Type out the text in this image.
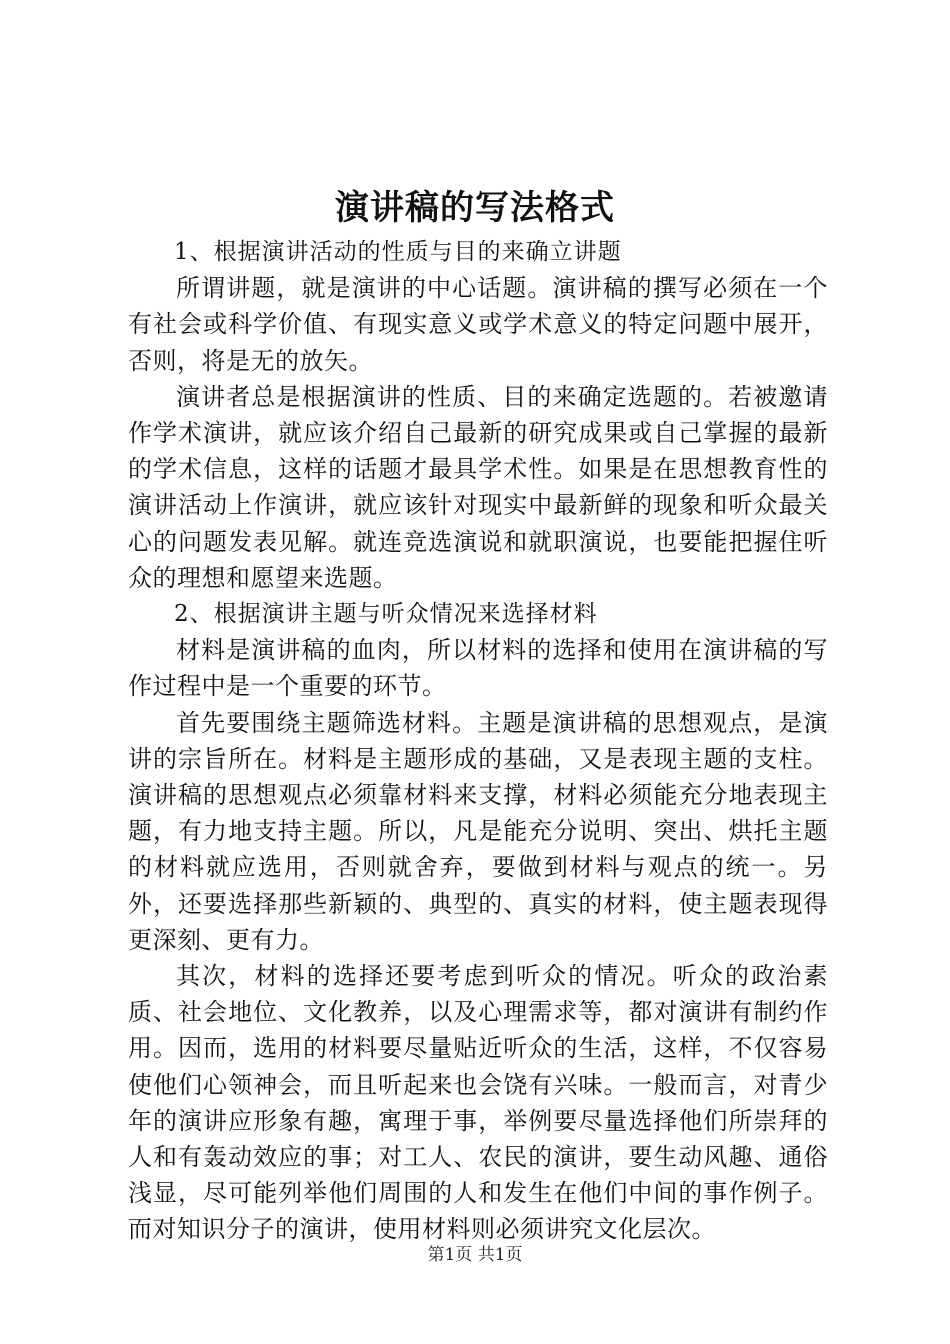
演讲稿的写法格式

1、根据演讲活动的性质与目的来确立讲题

所谓讲题，就是演讲的中心话题。演讲稿的撰写必须在一个有社会或科学价值、有现实意义或学术意义的特定问题中展开，否则，将是无的放矢。

演讲者总是根据演讲的性质、目的来确定选题的。若被邀请作学术演讲，就应该介绍自己最新的研究成果或自己掌握的最新的学术信息，这样的话题才最具学术性。如果是在思想教育性的演讲活动上作演讲，就应该针对现实中最新鲜的现象和听众最关心的问题发表见解。就连竞选演说和就职演说，也要能把握住听众的理想和愿望来选题。

2、根据演讲主题与听众情况来选择材料

材料是演讲稿的血肉，所以材料的选择和使用在演讲稿的写作过程中是一个重要的环节。

首先要围绕主题筛选材料。主题是演讲稿的思想观点，是演讲的宗旨所在。材料是主题形成的基础，又是表现主题的支柱。演讲稿的思想观点必须靠材料来支撑，材料必须能充分地表现主题，有力地支持主题。所以，凡是能充分说明、突出、烘托主题的材料就应选用，否则就舍弃，要做到材料与观点的统一。另外，还要选择那些新颖的、典型的、真实的材料，使主题表现得更深刻、更有力。

其次，材料的选择还要考虑到听众的情况。听众的政治素质、社会地位、文化教养，以及心理需求等，都对演讲有制约作用。因而，选用的材料要尽量贴近听众的生活，这样，不仅容易使他们心领神会，而且听起来也会饶有兴味。一般而言，对青少年的演讲应形象有趣，寓理于事，举例要尽量选择他们所崇拜的人和有轰动效应的事；对工人、农民的演讲，要生动风趣、通俗浅显，尽可能列举他们周围的人和发生在他们中间的事作例子。而对知识分子的演讲，使用材料则必须讲究文化层次。

第1页 共1页
